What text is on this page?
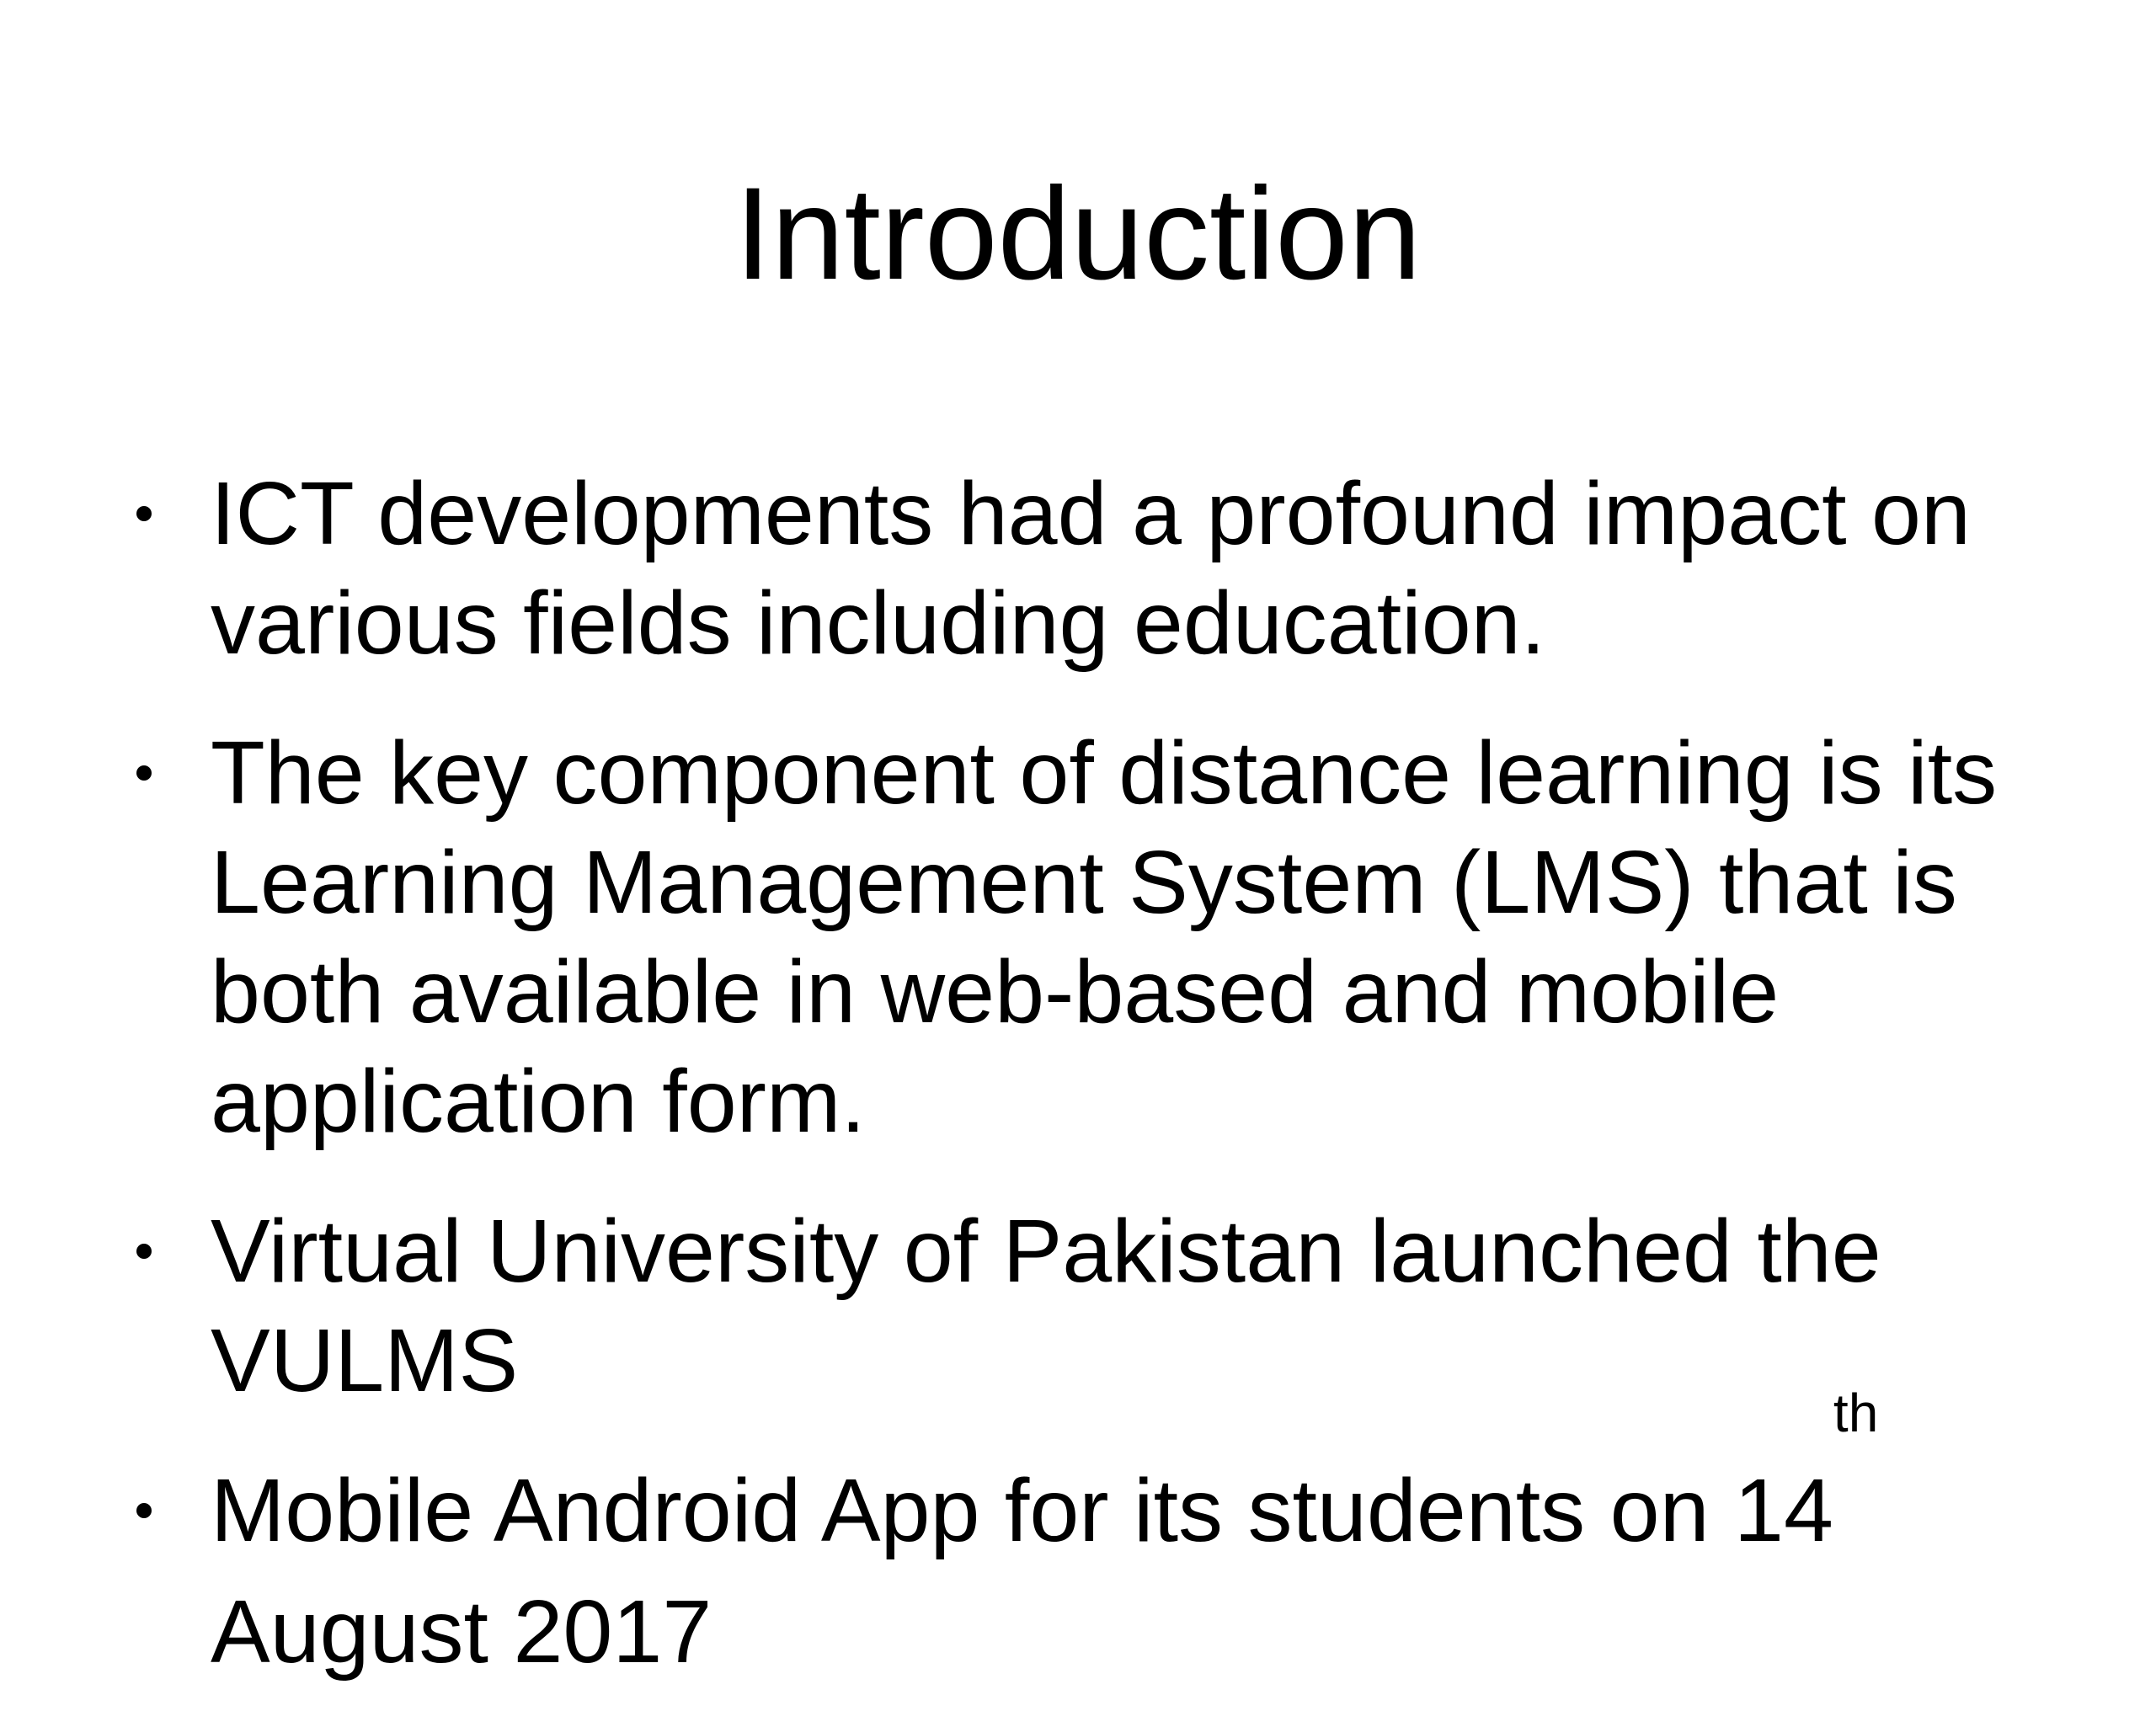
Introduction
ICT developments had a profound impact on various fields including education.
The key component of distance learning is its Learning Management System (LMS) that is both available in web-based and mobile application form.
Virtual University of Pakistan launched the VULMS
Mobile Android App for its students on 14th August 2017
